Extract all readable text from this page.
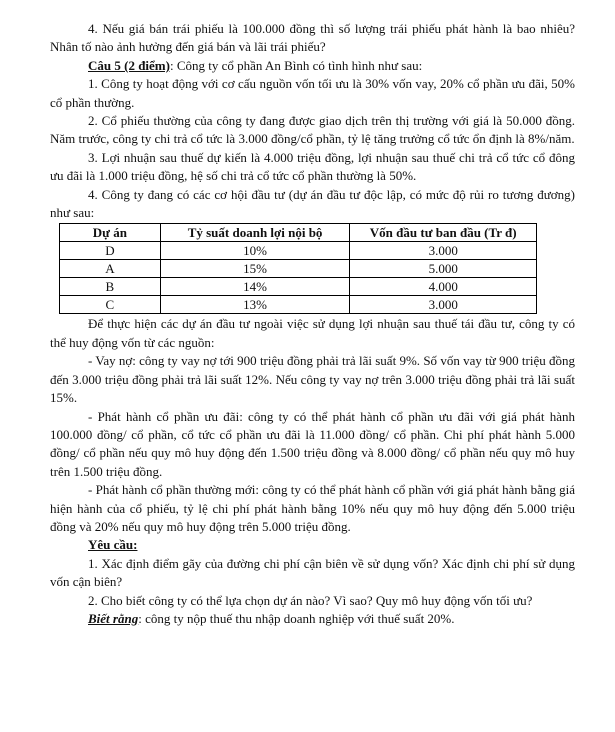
4. Nếu giá bán trái phiếu là 100.000 đồng thì số lượng trái phiếu phát hành là bao nhiêu? Nhân tố nào ảnh hưởng đến giá bán và lãi trái phiếu?

Câu 5 (2 điểm): Công ty cổ phần An Bình có tình hình như sau:

1. Công ty hoạt động với cơ cấu nguồn vốn tối ưu là 30% vốn vay, 20% cổ phần ưu đãi, 50% cổ phần thường.

2. Cổ phiếu thường của công ty đang được giao dịch trên thị trường với giá là 50.000 đồng. Năm trước, công ty chi trả cổ tức là 3.000 đồng/cổ phần, tỷ lệ tăng trưởng cổ tức ổn định là 8%/năm.

3. Lợi nhuận sau thuế dự kiến là 4.000 triệu đồng, lợi nhuận sau thuế chi trả cổ tức cổ đông ưu đãi là 1.000 triệu đồng, hệ số chi trả cổ tức cổ phần thường là 50%.

4. Công ty đang có các cơ hội đầu tư (dự án đầu tư độc lập, có mức độ rủi ro tương đương) như sau:

Dự án	Tỷ suất doanh lợi nội bộ	Vốn đầu tư ban đầu (Tr đ)
D	10%	3.000
A	15%	5.000
B	14%	4.000
C	13%	3.000

Để thực hiện các dự án đầu tư ngoài việc sử dụng lợi nhuận sau thuế tái đầu tư, công ty có thể huy động vốn từ các nguồn:

- Vay nợ: công ty vay nợ tới 900 triệu đồng phải trả lãi suất 9%. Số vốn vay từ 900 triệu đồng đến 3.000 triệu đồng phải trả lãi suất 12%. Nếu công ty vay nợ trên 3.000 triệu đồng phải trả lãi suất 15%.

- Phát hành cổ phần ưu đãi: công ty có thể phát hành cổ phần ưu đãi với giá phát hành 100.000 đồng/ cổ phần, cổ tức cổ phần ưu đãi là 11.000 đồng/ cổ phần. Chi phí phát hành 5.000 đồng/ cổ phần nếu quy mô huy động đến 1.500 triệu đồng và 8.000 đồng/ cổ phần nếu quy mô huy trên 1.500 triệu đồng.

- Phát hành cổ phần thường mới: công ty có thể phát hành cổ phần với giá phát hành bằng giá hiện hành của cổ phiếu, tỷ lệ chi phí phát hành bằng 10% nếu quy mô huy động đến 5.000 triệu đồng và 20% nếu quy mô huy động trên 5.000 triệu đồng.

Yêu cầu:

1. Xác định điểm gãy của đường chi phí cận biên về sử dụng vốn? Xác định chi phí sử dụng vốn cận biên?

2. Cho biết công ty có thể lựa chọn dự án nào? Vì sao? Quy mô huy động vốn tối ưu?

Biết rằng: công ty nộp thuế thu nhập doanh nghiệp với thuế suất 20%.
